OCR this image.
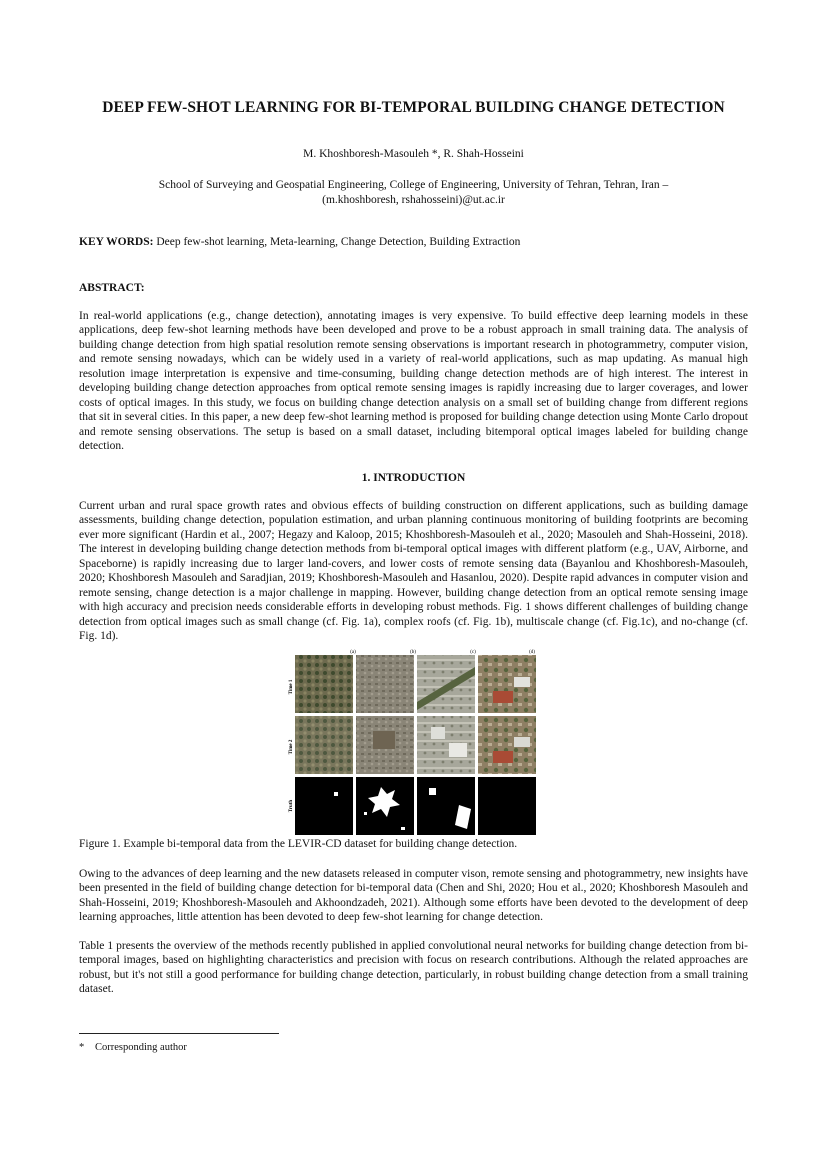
DEEP FEW-SHOT LEARNING FOR BI-TEMPORAL BUILDING CHANGE DETECTION
M. Khoshboresh-Masouleh *, R. Shah-Hosseini
School of Surveying and Geospatial Engineering, College of Engineering, University of Tehran, Tehran, Iran –
(m.khoshboresh, rshahosseini)@ut.ac.ir
KEY WORDS: Deep few-shot learning, Meta-learning, Change Detection, Building Extraction
ABSTRACT:
In real-world applications (e.g., change detection), annotating images is very expensive. To build effective deep learning models in these applications, deep few-shot learning methods have been developed and prove to be a robust approach in small training data. The analysis of building change detection from high spatial resolution remote sensing observations is important research in photogrammetry, computer vision, and remote sensing nowadays, which can be widely used in a variety of real-world applications, such as map updating. As manual high resolution image interpretation is expensive and time-consuming, building change detection methods are of high interest. The interest in developing building change detection approaches from optical remote sensing images is rapidly increasing due to larger coverages, and lower costs of optical images. In this study, we focus on building change detection analysis on a small set of building change from different regions that sit in several cities. In this paper, a new deep few-shot learning method is proposed for building change detection using Monte Carlo dropout and remote sensing observations. The setup is based on a small dataset, including bitemporal optical images labeled for building change detection.
1. INTRODUCTION
Current urban and rural space growth rates and obvious effects of building construction on different applications, such as building damage assessments, building change detection, population estimation, and urban planning continuous monitoring of building footprints are becoming ever more significant (Hardin et al., 2007; Hegazy and Kaloop, 2015; Khoshboresh-Masouleh et al., 2020; Masouleh and Shah-Hosseini, 2018). The interest in developing building change detection methods from bi-temporal optical images with different platform (e.g., UAV, Airborne, and Spaceborne) is rapidly increasing due to larger land-covers, and lower costs of remote sensing data (Bayanlou and Khoshboresh-Masouleh, 2020; Khoshboresh Masouleh and Saradjian, 2019; Khoshboresh-Masouleh and Hasanlou, 2020). Despite rapid advances in computer vision and remote sensing, change detection is a major challenge in mapping. However, building change detection from an optical remote sensing image with high accuracy and precision needs considerable efforts in developing robust methods. Fig. 1 shows different challenges of building change detection from optical images such as small change (cf. Fig. 1a), complex roofs (cf. Fig. 1b), multiscale change (cf. Fig.1c), and no-change (cf. Fig. 1d).
(a)	(b)	(c)	(d)
Time 1
Time 2
Truth
Figure 1. Example bi-temporal data from the LEVIR-CD dataset for building change detection.
Owing to the advances of deep learning and the new datasets released in computer vison, remote sensing and photogrammetry, new insights have been presented in the field of building change detection for bi-temporal data (Chen and Shi, 2020; Hou et al., 2020; Khoshboresh Masouleh and Shah-Hosseini, 2019; Khoshboresh-Masouleh and Akhoondzadeh, 2021). Although some efforts have been devoted to the development of deep learning approaches, little attention has been devoted to deep few-shot learning for change detection.
Table 1 presents the overview of the methods recently published in applied convolutional neural networks for building change detection from bi-temporal images, based on highlighting characteristics and precision with focus on research contributions. Although the related approaches are robust, but it's not still a good performance for building change detection, particularly, in robust building change detection from a small training dataset.
* Corresponding author
